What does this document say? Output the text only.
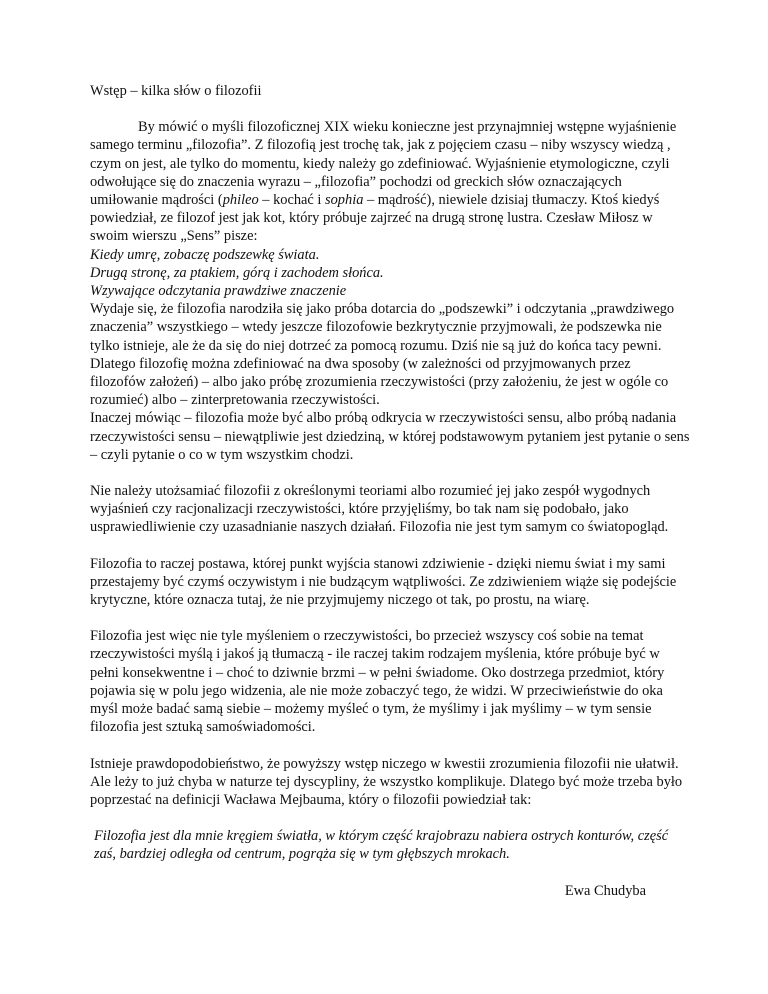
Wstęp – kilka słów o filozofii

By mówić o myśli filozoficznej XIX wieku konieczne jest przynajmniej wstępne wyjaśnienie samego terminu „filozofia”. Z filozofią jest trochę tak, jak z pojęciem czasu – niby wszyscy wiedzą , czym on jest, ale tylko do momentu, kiedy należy go zdefiniować. Wyjaśnienie etymologiczne, czyli odwołujące się do znaczenia wyrazu – „filozofia” pochodzi od greckich słów oznaczających umiłowanie mądrości (phileo – kochać i sophia – mądrość), niewiele dzisiaj tłumaczy. Ktoś kiedyś powiedział, ze filozof jest jak kot, który próbuje zajrzeć na drugą stronę lustra. Czesław Miłosz w swoim wierszu „Sens” pisze:

Kiedy umrę, zobaczę podszewkę świata.

Drugą stronę, za ptakiem, górą i zachodem słońca.

Wzywające odczytania prawdziwe znaczenie

Wydaje się, że filozofia narodziła się jako próba dotarcia do „podszewki” i odczytania „prawdziwego znaczenia” wszystkiego – wtedy jeszcze filozofowie bezkrytycznie przyjmowali, że podszewka nie tylko istnieje, ale że da się do niej dotrzeć za pomocą rozumu. Dziś nie są już do końca tacy pewni. Dlatego filozofię można zdefiniować na dwa sposoby (w zależności od przyjmowanych przez filozofów założeń) – albo jako próbę zrozumienia rzeczywistości (przy założeniu, że jest w ogóle co rozumieć) albo – zinterpretowania rzeczywistości.

Inaczej mówiąc – filozofia może być albo próbą odkrycia w rzeczywistości sensu, albo próbą nadania rzeczywistości sensu – niewątpliwie jest dziedziną, w której podstawowym pytaniem jest pytanie o sens – czyli pytanie o co w tym wszystkim chodzi.

Nie należy utożsamiać filozofii z określonymi teoriami albo rozumieć jej jako zespół wygodnych wyjaśnień czy racjonalizacji rzeczywistości, które przyjęliśmy, bo tak nam się podobało, jako usprawiedliwienie czy uzasadnianie naszych działań. Filozofia nie jest tym samym co światopogląd.

Filozofia to raczej postawa, której punkt wyjścia stanowi zdziwienie - dzięki niemu świat i my sami przestajemy być czymś oczywistym i nie budzącym wątpliwości. Ze zdziwieniem wiąże się podejście krytyczne, które oznacza tutaj, że nie przyjmujemy niczego ot tak, po prostu, na wiarę.

Filozofia jest więc nie tyle myśleniem o rzeczywistości, bo przecież wszyscy coś sobie na temat rzeczywistości myślą i jakoś ją tłumaczą - ile raczej takim rodzajem myślenia, które próbuje być w pełni konsekwentne i – choć to dziwnie brzmi – w pełni świadome. Oko dostrzega przedmiot, który pojawia się w polu jego widzenia, ale nie może zobaczyć tego, że widzi. W przeciwieństwie do oka myśl może badać samą siebie – możemy myśleć o tym, że myślimy i jak myślimy – w tym sensie filozofia jest sztuką samoświadomości.

Istnieje prawdopodobieństwo, że powyższy wstęp niczego w kwestii zrozumienia filozofii nie ułatwił. Ale leży to już chyba w naturze tej dyscypliny, że wszystko komplikuje. Dlatego być może trzeba było poprzestać na definicji Wacława Mejbauma, który o filozofii powiedział tak:

Filozofia jest dla mnie kręgiem światła, w którym część krajobrazu nabiera ostrych konturów, część zaś, bardziej odległa od centrum, pogrąża się w tym głębszych mrokach.

Ewa Chudyba
